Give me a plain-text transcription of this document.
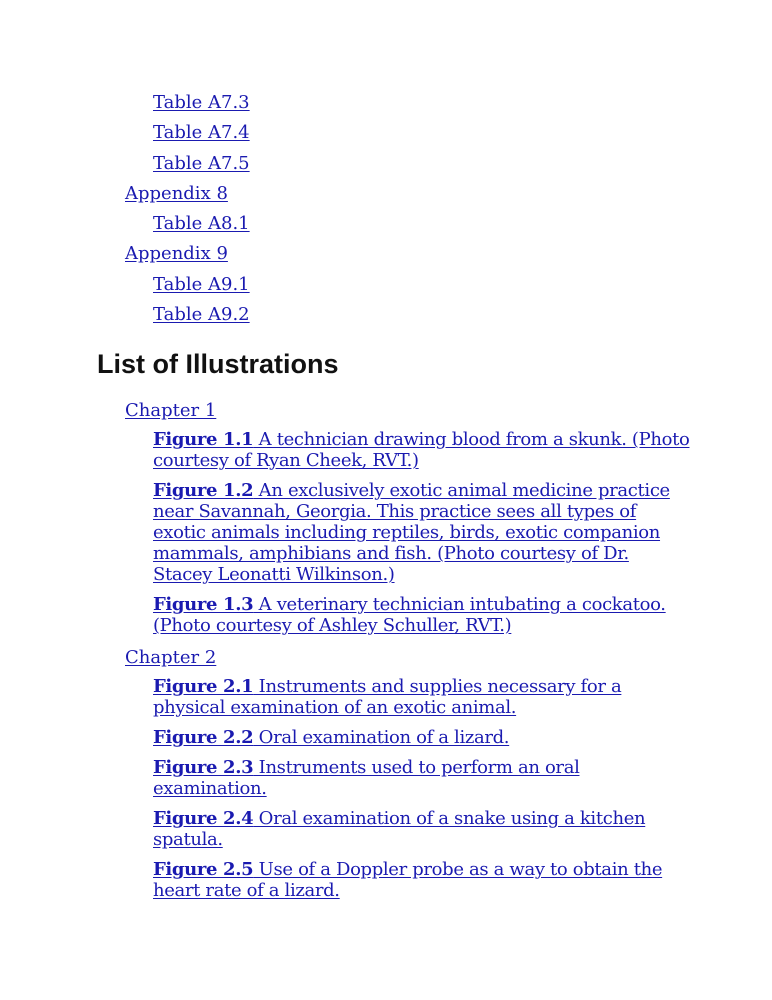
Table A7.3
Table A7.4
Table A7.5
Appendix 8
Table A8.1
Appendix 9
Table A9.1
Table A9.2
List of Illustrations
Chapter 1
Figure 1.1 A technician drawing blood from a skunk. (Photo courtesy of Ryan Cheek, RVT.)
Figure 1.2 An exclusively exotic animal medicine practice near Savannah, Georgia. This practice sees all types of exotic animals including reptiles, birds, exotic companion mammals, amphibians and fish. (Photo courtesy of Dr. Stacey Leonatti Wilkinson.)
Figure 1.3 A veterinary technician intubating a cockatoo. (Photo courtesy of Ashley Schuller, RVT.)
Chapter 2
Figure 2.1 Instruments and supplies necessary for a physical examination of an exotic animal.
Figure 2.2 Oral examination of a lizard.
Figure 2.3 Instruments used to perform an oral examination.
Figure 2.4 Oral examination of a snake using a kitchen spatula.
Figure 2.5 Use of a Doppler probe as a way to obtain the heart rate of a lizard.
